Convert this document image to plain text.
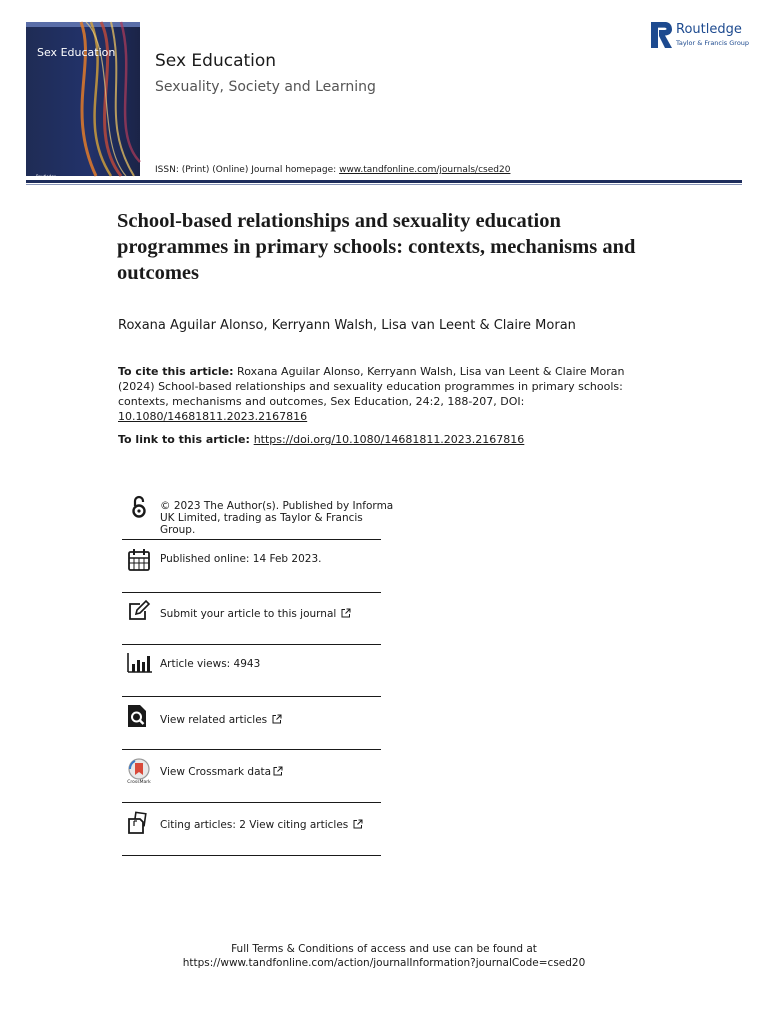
Sex Education
Routledge
Sex Education
Sexuality, Society and Learning
ISSN: (Print) (Online) Journal homepage: www.tandfonline.com/journals/csed20
Routledge
Taylor & Francis Group
School-based relationships and sexuality education programmes in primary schools: contexts, mechanisms and outcomes
Roxana Aguilar Alonso, Kerryann Walsh, Lisa van Leent & Claire Moran
To cite this article: Roxana Aguilar Alonso, Kerryann Walsh, Lisa van Leent & Claire Moran (2024) School-based relationships and sexuality education programmes in primary schools: contexts, mechanisms and outcomes, Sex Education, 24:2, 188-207, DOI: 10.1080/14681811.2023.2167816
To link to this article: https://doi.org/10.1080/14681811.2023.2167816
© 2023 The Author(s). Published by Informa
UK Limited, trading as Taylor & Francis
Group.
Published online: 14 Feb 2023.
Submit your article to this journal
Article views: 4943
View related articles
CrossMark
View Crossmark data
Citing articles: 2 View citing articles
Full Terms & Conditions of access and use can be found at
https://www.tandfonline.com/action/journalInformation?journalCode=csed20
